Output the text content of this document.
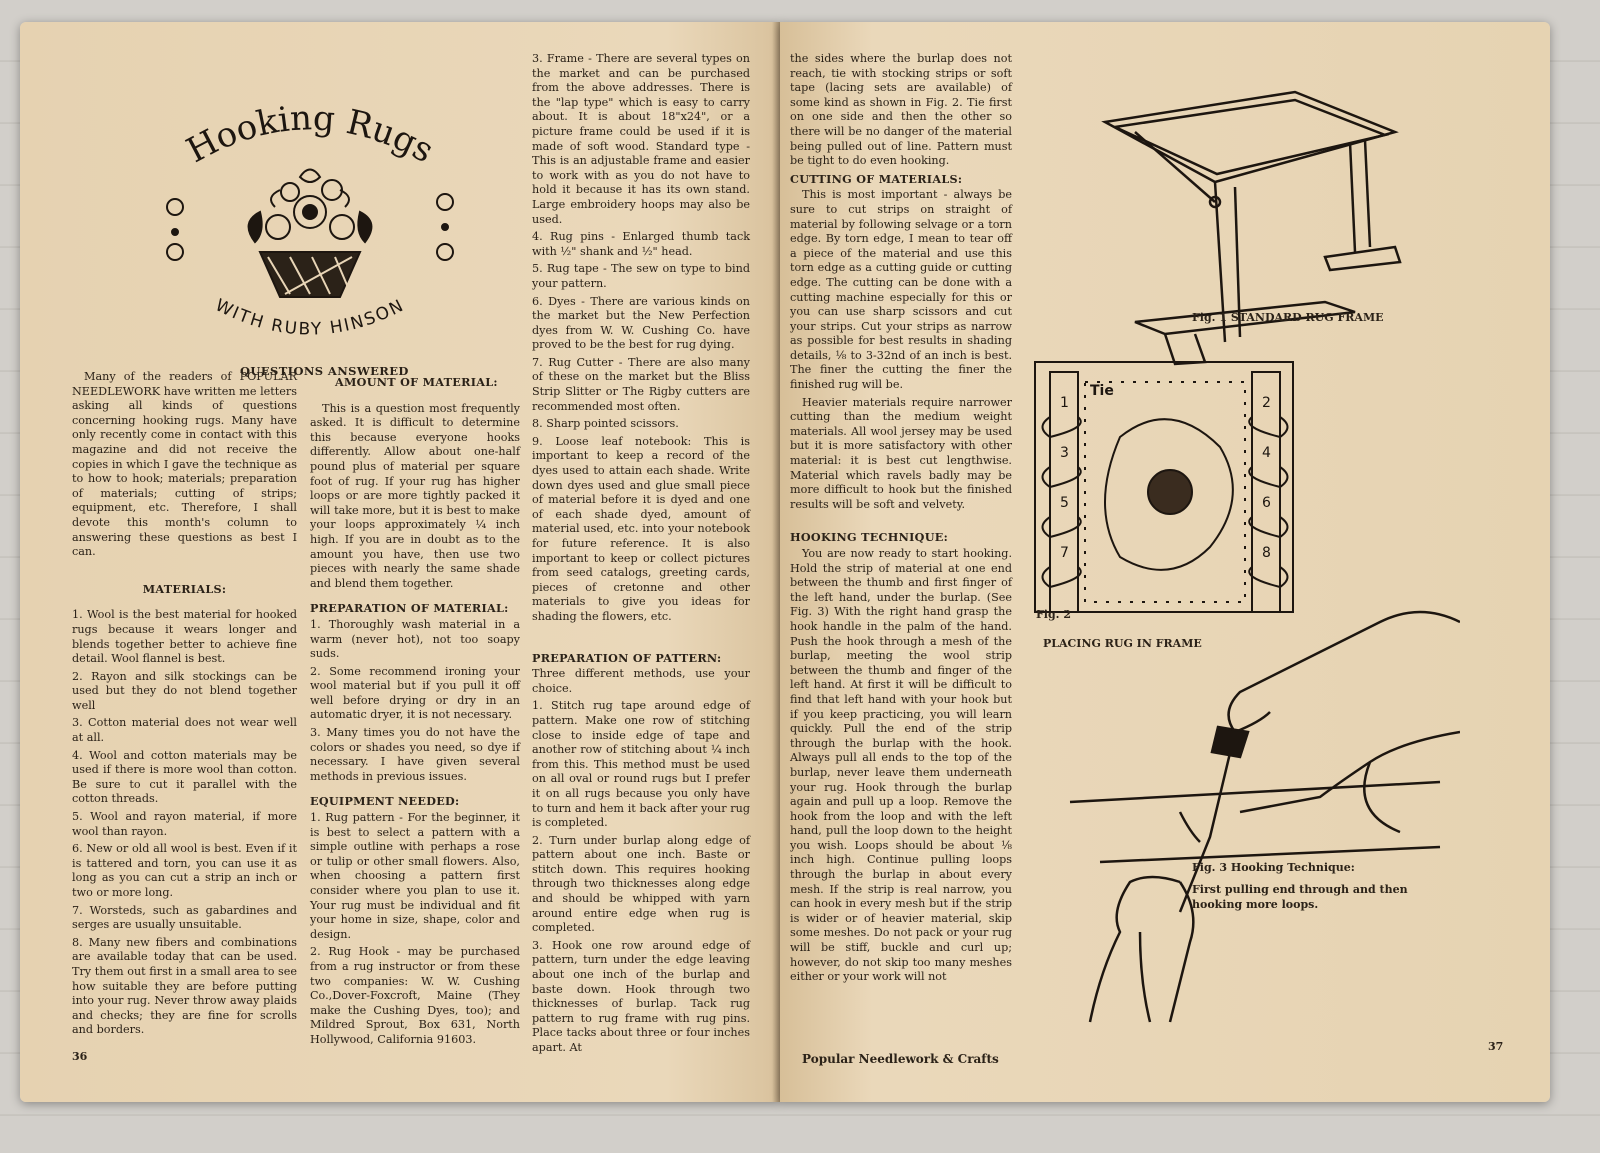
Hooking Rugs
WITH RUBY HINSON
QUESTIONS ANSWERED

Many of the readers of POPULAR NEEDLEWORK have written me letters asking all kinds of questions concerning hooking rugs. Many have only recently come in contact with this magazine and did not receive the copies in which I gave the technique as to how to hook; materials; preparation of materials; cutting of strips; equipment, etc. Therefore, I shall devote this month's column to answering these questions as best I can.

MATERIALS:

1. Wool is the best material for hooked rugs because it wears longer and blends together better to achieve fine detail. Wool flannel is best.

2. Rayon and silk stockings can be used but they do not blend together well

3. Cotton material does not wear well at all.

4. Wool and cotton materials may be used if there is more wool than cotton. Be sure to cut it parallel with the cotton threads.

5. Wool and rayon material, if more wool than rayon.

6. New or old all wool is best. Even if it is tattered and torn, you can use it as long as you can cut a strip an inch or two or more long.

7. Worsteds, such as gabardines and serges are usually unsuitable.

8. Many new fibers and combinations are available today that can be used. Try them out first in a small area to see how suitable they are before putting into your rug. Never throw away plaids and checks; they are fine for scrolls and borders.

AMOUNT OF MATERIAL:

This is a question most frequently asked. It is difficult to determine this because everyone hooks differently. Allow about one-half pound plus of material per square foot of rug. If your rug has higher loops or are more tightly packed it will take more, but it is best to make your loops approximately ¼ inch high. If you are in doubt as to the amount you have, then use two pieces with nearly the same shade and blend them together.

PREPARATION OF MATERIAL:

1. Thoroughly wash material in a warm (never hot), not too soapy suds.

2. Some recommend ironing your wool material but if you pull it off well before drying or dry in an automatic dryer, it is not necessary.

3. Many times you do not have the colors or shades you need, so dye if necessary. I have given several methods in previous issues.

EQUIPMENT NEEDED:

1. Rug pattern - For the beginner, it is best to select a pattern with a simple outline with perhaps a rose or tulip or other small flowers. Also, when choosing a pattern first consider where you plan to use it. Your rug must be individual and fit your home in size, shape, color and design.

2. Rug Hook - may be purchased from a rug instructor or from these two companies: W. W. Cushing Co.,Dover-Foxcroft, Maine (They make the Cushing Dyes, too); and Mildred Sprout, Box 631, North Hollywood, California 91603.

3. Frame - There are several types on the market and can be purchased from the above addresses. There is the "lap type" which is easy to carry about. It is about 18"x24", or a picture frame could be used if it is made of soft wood. Standard type - This is an adjustable frame and easier to work with as you do not have to hold it because it has its own stand. Large embroidery hoops may also be used.

4. Rug pins - Enlarged thumb tack with ½" shank and ½" head.

5. Rug tape - The sew on type to bind your pattern.

6. Dyes - There are various kinds on the market but the New Perfection dyes from W. W. Cushing Co. have proved to be the best for rug dying.

7. Rug Cutter - There are also many of these on the market but the Bliss Strip Slitter or The Rigby cutters are recommended most often.

8. Sharp pointed scissors.

9. Loose leaf notebook: This is important to keep a record of the dyes used to attain each shade. Write down dyes used and glue small piece of material before it is dyed and one of each shade dyed, amount of material used, etc. into your notebook for future reference. It is also important to keep or collect pictures from seed catalogs, greeting cards, pieces of cretonne and other materials to give you ideas for shading the flowers, etc.

PREPARATION OF PATTERN:

Three different methods, use your choice.

1. Stitch rug tape around edge of pattern. Make one row of stitching close to inside edge of tape and another row of stitching about ¼ inch from this. This method must be used on all oval or round rugs but I prefer it on all rugs because you only have to turn and hem it back after your rug is completed.

2. Turn under burlap along edge of pattern about one inch. Baste or stitch down. This requires hooking through two thicknesses along edge and should be whipped with yarn around entire edge when rug is completed.

3. Hook one row around edge of pattern, turn under the edge leaving about one inch of the burlap and baste down. Hook through two thicknesses of burlap. Tack rug pattern to rug frame with rug pins. Place tacks about three or four inches apart. At

36

the sides where the burlap does not reach, tie with stocking strips or soft tape (lacing sets are available) of some kind as shown in Fig. 2. Tie first on one side and then the other so there will be no danger of the material being pulled out of line. Pattern must be tight to do even hooking.

CUTTING OF MATERIALS:

This is most important - always be sure to cut strips on straight of material by following selvage or a torn edge. By torn edge, I mean to tear off a piece of the material and use this torn edge as a cutting guide or cutting edge. The cutting can be done with a cutting machine especially for this or you can use sharp scissors and cut your strips. Cut your strips as narrow as possible for best results in shading details, ⅛ to 3-32nd of an inch is best. The finer the cutting the finer the finished rug will be.

Heavier materials require narrower cutting than the medium weight materials. All wool jersey may be used but it is more satisfactory with other material: it is best cut lengthwise. Material which ravels badly may be more difficult to hook but the finished results will be soft and velvety.

HOOKING TECHNIQUE:

You are now ready to start hooking. Hold the strip of material at one end between the thumb and first finger of the left hand, under the burlap. (See Fig. 3) With the right hand grasp the hook handle in the palm of the hand. Push the hook through a mesh of the burlap, meeting the wool strip between the thumb and finger of the left hand. At first it will be difficult to find that left hand with your hook but if you keep practicing, you will learn quickly. Pull the end of the strip through the burlap with the hook. Always pull all ends to the top of the burlap, never leave them underneath your rug. Hook through the burlap again and pull up a loop. Remove the hook from the loop and with the left hand, pull the loop down to the height you wish. Loops should be about ⅛ inch high. Continue pulling loops through the burlap in about every mesh. If the strip is real narrow, you can hook in every mesh but if the strip is wider or of heavier material, skip some meshes. Do not pack or your rug will be stiff, buckle and curl up; however, do not skip too many meshes either or your work will not

Fig. 1 STANDARD RUG FRAME
1	2
3	4
5	6
7	8
Tie
Fig. 2
PLACING RUG IN FRAME
Fig. 3 Hooking Technique:
First pulling end through and then hooking more loops.
Popular Needlework & Crafts
37
